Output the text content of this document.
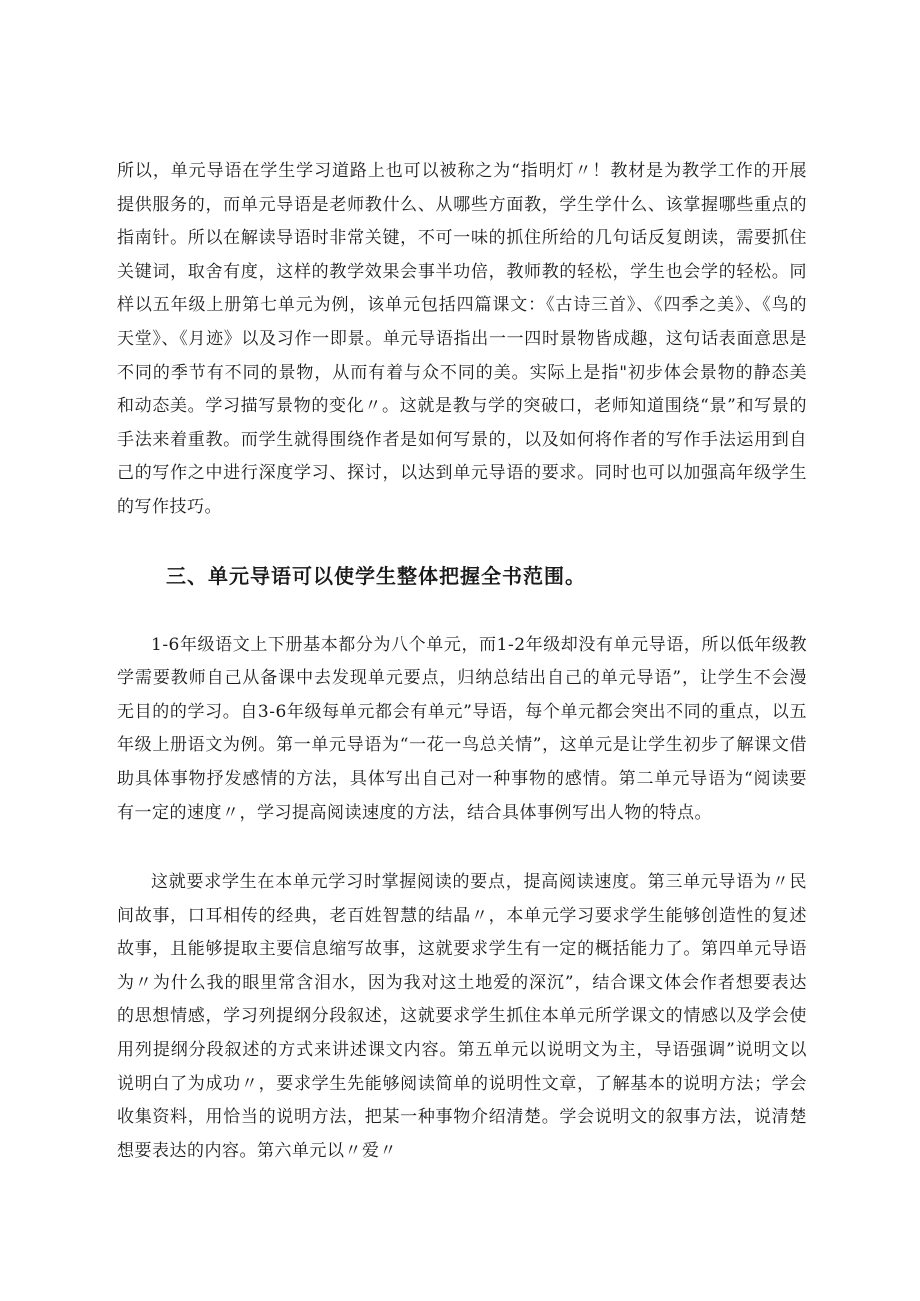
所以，单元导语在学生学习道路上也可以被称之为“指明灯〃！教材是为教学工作的开展提供服务的，而单元导语是老师教什么、从哪些方面教，学生学什么、该掌握哪些重点的指南针。所以在解读导语时非常关键，不可一味的抓住所给的几句话反复朗读，需要抓住关键词，取舍有度，这样的教学效果会事半功倍，教师教的轻松，学生也会学的轻松。同样以五年级上册第七单元为例，该单元包括四篇课文：《古诗三首》、《四季之美》、《鸟的天堂》、《月迹》以及习作一即景。单元导语指出一一四时景物皆成趣，这句话表面意思是不同的季节有不同的景物，从而有着与众不同的美。实际上是指"初步体会景物的静态美和动态美。学习描写景物的变化〃。这就是教与学的突破口，老师知道围绕“景”和写景的手法来着重教。而学生就得围绕作者是如何写景的，以及如何将作者的写作手法运用到自己的写作之中进行深度学习、探讨，以达到单元导语的要求。同时也可以加强高年级学生的写作技巧。

三、单元导语可以使学生整体把握全书范围。

1-6年级语文上下册基本都分为八个单元，而1-2年级却没有单元导语，所以低年级教学需要教师自己从备课中去发现单元要点，归纳总结出自己的单元导语”，让学生不会漫无目的的学习。自3-6年级每单元都会有单元”导语，每个单元都会突出不同的重点，以五年级上册语文为例。第一单元导语为“一花一鸟总关情”，这单元是让学生初步了解课文借助具体事物抒发感情的方法，具体写出自己对一种事物的感情。第二单元导语为“阅读要有一定的速度〃，学习提高阅读速度的方法，结合具体事例写出人物的特点。

这就要求学生在本单元学习时掌握阅读的要点，提高阅读速度。第三单元导语为〃民间故事，口耳相传的经典，老百姓智慧的结晶〃，本单元学习要求学生能够创造性的复述故事，且能够提取主要信息缩写故事，这就要求学生有一定的概括能力了。第四单元导语为〃为什么我的眼里常含泪水，因为我对这土地爱的深沉”，结合课文体会作者想要表达的思想情感，学习列提纲分段叙述，这就要求学生抓住本单元所学课文的情感以及学会使用列提纲分段叙述的方式来讲述课文内容。第五单元以说明文为主，导语强调”说明文以说明白了为成功〃，要求学生先能够阅读简单的说明性文章，了解基本的说明方法；学会收集资料，用恰当的说明方法，把某一种事物介绍清楚。学会说明文的叙事方法，说清楚想要表达的内容。第六单元以〃爱〃
